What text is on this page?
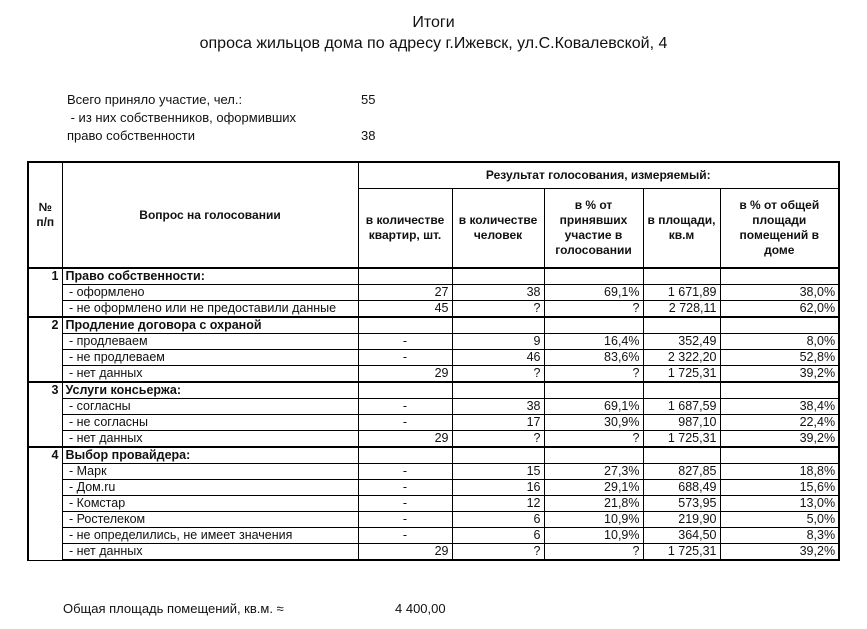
Итоги
опроса жильцов дома по адресу г.Ижевск, ул.С.Ковалевской, 4
Всего приняло участие, чел.:	55
- из них собственников, оформивших
право собственности	38
№ п/п	Вопрос на голосовании	Результат голосования, измеряемый:				
		в количестве квартир, шт.	в количестве человек	в % от принявших участие в голосовании	в площади, кв.м	в % от общей площади помещений в доме
1	Право собственности:					
	- оформлено	27	38	69,1%	1 671,89	38,0%
	- не оформлено или не предоставили данные	45	?	?	2 728,11	62,0%
2	Продление договора с охраной					
	- продлеваем	-	9	16,4%	352,49	8,0%
	- не продлеваем	-	46	83,6%	2 322,20	52,8%
	- нет данных	29	?	?	1 725,31	39,2%
3	Услуги консьержа:					
	- согласны	-	38	69,1%	1 687,59	38,4%
	- не согласны	-	17	30,9%	987,10	22,4%
	- нет данных	29	?	?	1 725,31	39,2%
4	Выбор провайдера:					
	- Марк	-	15	27,3%	827,85	18,8%
	- Дом.ru	-	16	29,1%	688,49	15,6%
	- Комстар	-	12	21,8%	573,95	13,0%
	- Ростелеком	-	6	10,9%	219,90	5,0%
	- не определились, не имеет значения	-	6	10,9%	364,50	8,3%
	- нет данных	29	?	?	1 725,31	39,2%
Общая площадь помещений, кв.м. ≈	4 400,00
